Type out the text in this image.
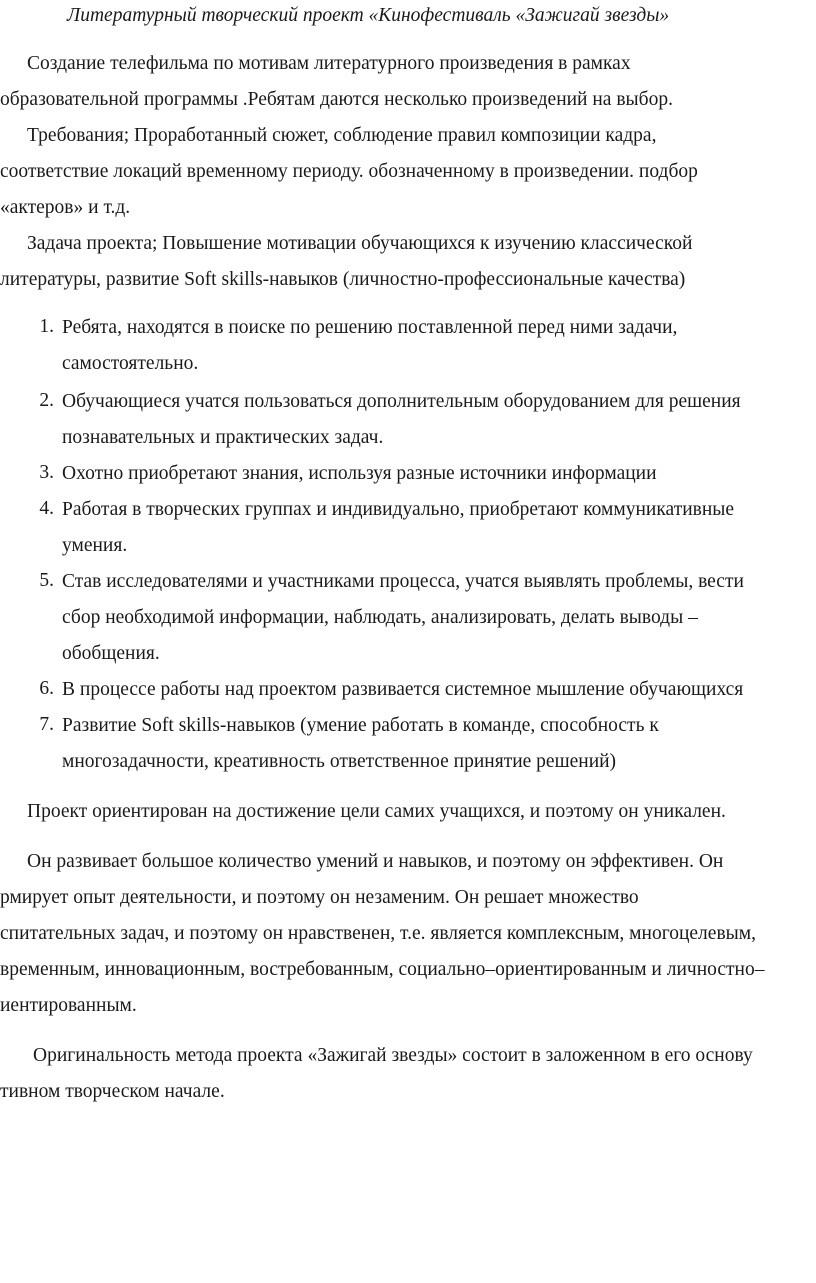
Литературный творческий проект «Кинофестиваль «Зажигай звезды»
Создание телефильма по мотивам литературного произведения в рамках
образовательной программы .Ребятам даются несколько произведений на выбор.
Требования; Проработанный сюжет, соблюдение правил композиции кадра,
соответствие локаций временному периоду. обозначенному в произведении. подбор
«актеров» и т.д.
Задача проекта; Повышение мотивации обучающихся к изучению классической
литературы, развитие Soft skills-навыков (личностно-профессиональные качества)
1. Ребята, находятся в поиске по решению поставленной перед ними задачи,
самостоятельно.
2. Обучающиеся учатся пользоваться дополнительным оборудованием для решения
познавательных и практических задач.
3. Охотно приобретают знания, используя разные источники информации
4. Работая в творческих группах и индивидуально, приобретают коммуникативные
умения.
5. Став исследователями и участниками процесса, учатся выявлять проблемы, вести
сбор необходимой информации, наблюдать, анализировать, делать выводы –
обобщения.
6. В процессе работы над проектом развивается системное мышление обучающихся
7. Развитие Soft skills-навыков (умение работать в команде, способность к
многозадачности, креативность ответственное принятие решений)
Проект ориентирован на достижение цели самих учащихся, и поэтому он уникален.
Он развивает большое количество умений и навыков, и поэтому он эффективен. Он
рмирует опыт деятельности, и поэтому он незаменим. Он решает множество
спитательных задач, и поэтому он нравственен, т.е. является комплексным, многоцелевым,
временным, инновационным, востребованным, социально–ориентированным и личностно–
иентированным.
Оригинальность метода проекта «Зажигай звезды» состоит в заложенном в его основу
тивном творческом начале.
